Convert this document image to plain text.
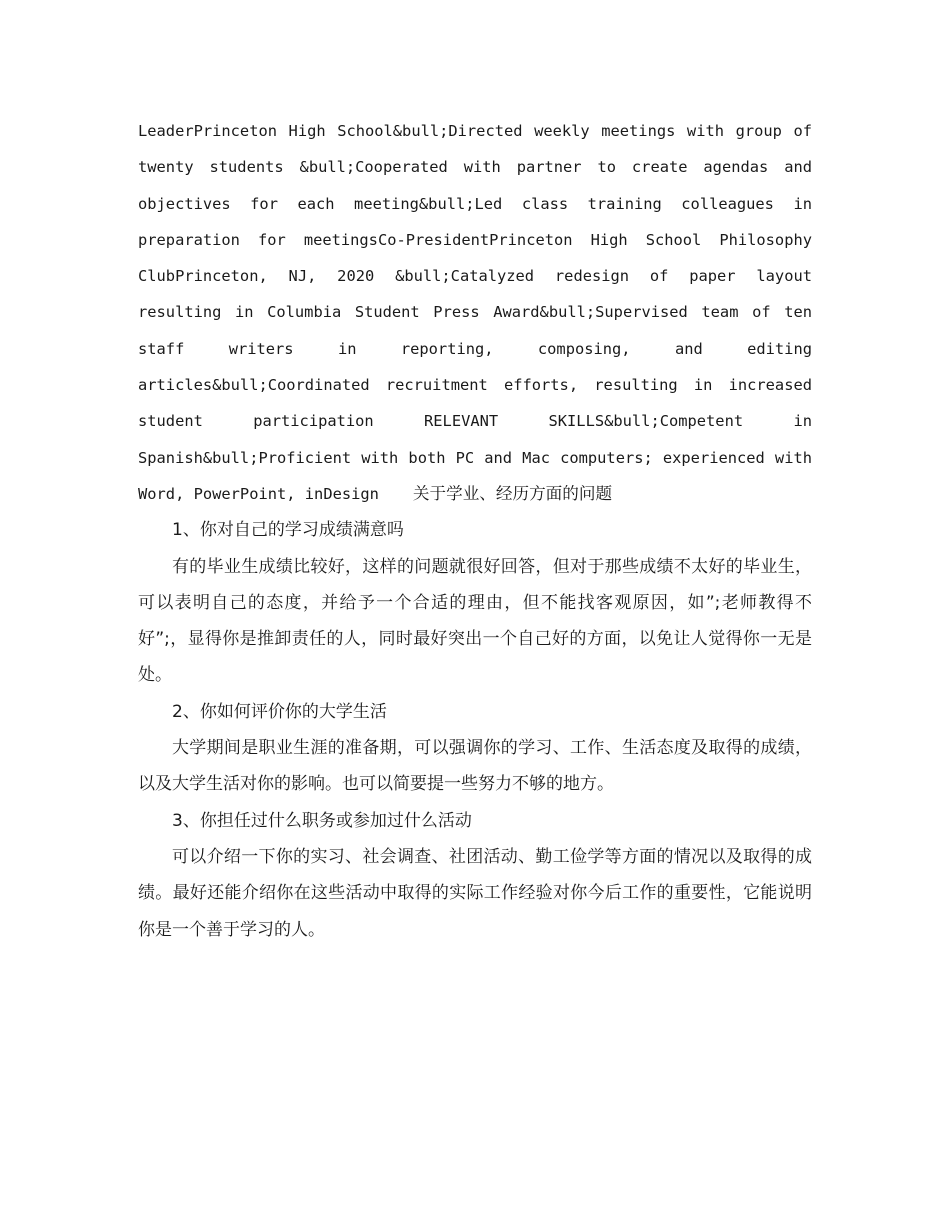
LeaderPrinceton High School&bull;Directed weekly meetings with group of twenty students &bull;Cooperated with partner to create agendas and objectives for each meeting&bull;Led class training colleagues in preparation for meetingsCo-PresidentPrinceton High School Philosophy ClubPrinceton, NJ, 2020 &bull;Catalyzed redesign of paper layout resulting in Columbia Student Press Award&bull;Supervised team of ten staff writers in reporting, composing, and editing articles&bull;Coordinated recruitment efforts, resulting in increased student participation RELEVANT SKILLS&bull;Competent in Spanish&bull;Proficient with both PC and Mac computers; experienced with Word, PowerPoint, inDesign 关于学业、经历方面的问题

1、你对自己的学习成绩满意吗

有的毕业生成绩比较好，这样的问题就很好回答，但对于那些成绩不太好的毕业生，可以表明自己的态度，并给予一个合适的理由，但不能找客观原因，如”;老师教得不好”;，显得你是推卸责任的人，同时最好突出一个自己好的方面，以免让人觉得你一无是处。

2、你如何评价你的大学生活

大学期间是职业生涯的准备期，可以强调你的学习、工作、生活态度及取得的成绩，以及大学生活对你的影响。也可以简要提一些努力不够的地方。

3、你担任过什么职务或参加过什么活动

可以介绍一下你的实习、社会调查、社团活动、勤工俭学等方面的情况以及取得的成绩。最好还能介绍你在这些活动中取得的实际工作经验对你今后工作的重要性，它能说明你是一个善于学习的人。
